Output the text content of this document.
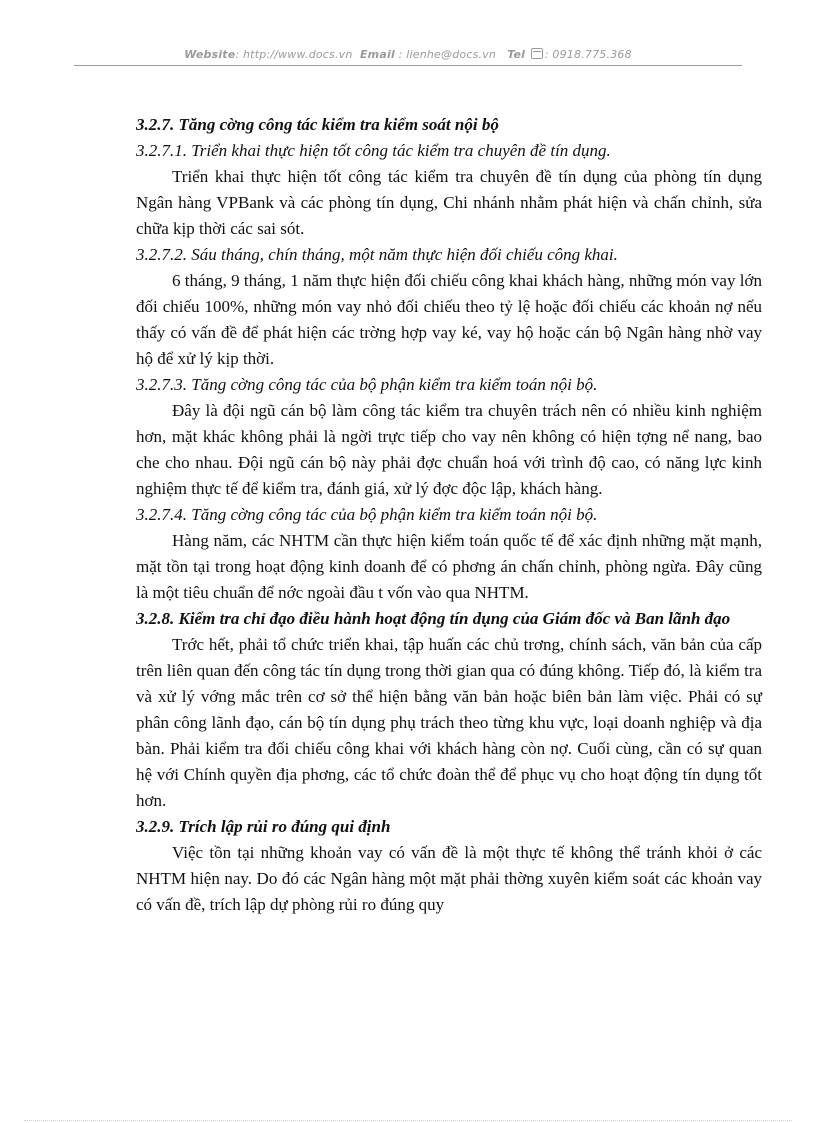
Website: http://www.docs.vn Email : lienhe@docs.vn Tel : 0918.775.368

3.2.7. Tăng cờng công tác kiểm tra kiểm soát nội bộ

3.2.7.1. Triển khai thực hiện tốt công tác kiểm tra chuyên đề tín dụng.

Triển khai thực hiện tốt công tác kiểm tra chuyên đề tín dụng của phòng tín dụng Ngân hàng VPBank và các phòng tín dụng, Chi nhánh nhằm phát hiện và chấn chỉnh, sửa chữa kịp thời các sai sót.

3.2.7.2. Sáu tháng, chín tháng, một năm thực hiện đối chiếu công khai.

6 tháng, 9 tháng, 1 năm thực hiện đối chiếu công khai khách hàng, những món vay lớn đối chiếu 100%, những món vay nhỏ đối chiếu theo tỷ lệ hoặc đối chiếu các khoản nợ nếu thấy có vấn đề để phát hiện các trờng hợp vay ké, vay hộ hoặc cán bộ Ngân hàng nhờ vay hộ để xử lý kịp thời.

3.2.7.3. Tăng cờng công tác của bộ phận kiểm tra kiểm toán nội bộ.

Đây là đội ngũ cán bộ làm công tác kiểm tra chuyên trách nên có nhiều kinh nghiệm hơn, mặt khác không phải là ngời trực tiếp cho vay nên không có hiện tợng nể nang, bao che cho nhau. Đội ngũ cán bộ này phải đợc chuẩn hoá với trình độ cao, có năng lực kinh nghiệm thực tế để kiểm tra, đánh giá, xử lý đợc độc lập, khách hàng.

3.2.7.4. Tăng cờng công tác của bộ phận kiểm tra kiểm toán nội bộ.

Hàng năm, các NHTM cần thực hiện kiểm toán quốc tế để xác định những mặt mạnh, mặt tồn tại trong hoạt động kinh doanh để có phơng án chấn chỉnh, phòng ngừa. Đây cũng là một tiêu chuẩn để nớc ngoài đầu t vốn vào qua NHTM.

3.2.8. Kiểm tra chỉ đạo điều hành hoạt động tín dụng của Giám đốc và Ban lãnh đạo

Trớc hết, phải tổ chức triển khai, tập huấn các chủ trơng, chính sách, văn bản của cấp trên liên quan đến công tác tín dụng trong thời gian qua có đúng không. Tiếp đó, là kiểm tra và xử lý vớng mắc trên cơ sở thể hiện bằng văn bản hoặc biên bản làm việc. Phải có sự phân công lãnh đạo, cán bộ tín dụng phụ trách theo từng khu vực, loại doanh nghiệp và địa bàn. Phải kiểm tra đối chiếu công khai với khách hàng còn nợ. Cuối cùng, cần có sự quan hệ với Chính quyền địa phơng, các tổ chức đoàn thể để phục vụ cho hoạt động tín dụng tốt hơn.

3.2.9. Trích lập rủi ro đúng qui định

Việc tồn tại những khoản vay có vấn đề là một thực tế không thể tránh khỏi ở các NHTM hiện nay. Do đó các Ngân hàng một mặt phải thờng xuyên kiểm soát các khoản vay có vấn đề, trích lập dự phòng rủi ro đúng quy
